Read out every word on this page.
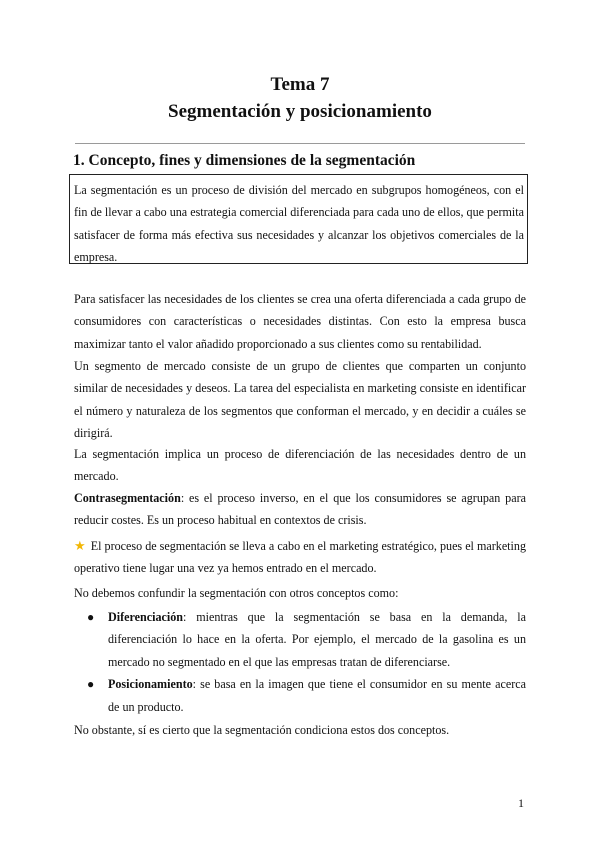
Tema 7
Segmentación y posicionamiento
1. Concepto, fines y dimensiones de la segmentación
La segmentación es un proceso de división del mercado en subgrupos homogéneos, con el fin de llevar a cabo una estrategia comercial diferenciada para cada uno de ellos, que permita satisfacer de forma más efectiva sus necesidades y alcanzar los objetivos comerciales de la empresa.

Para satisfacer las necesidades de los clientes se crea una oferta diferenciada a cada grupo de consumidores con características o necesidades distintas. Con esto la empresa busca maximizar tanto el valor añadido proporcionado a sus clientes como su rentabilidad.

Un segmento de mercado consiste de un grupo de clientes que comparten un conjunto similar de necesidades y deseos. La tarea del especialista en marketing consiste en identificar el número y naturaleza de los segmentos que conforman el mercado, y en decidir a cuáles se dirigirá.

La segmentación implica un proceso de diferenciación de las necesidades dentro de un mercado.

Contrasegmentación: es el proceso inverso, en el que los consumidores se agrupan para reducir costes. Es un proceso habitual en contextos de crisis.

★ El proceso de segmentación se lleva a cabo en el marketing estratégico, pues el marketing operativo tiene lugar una vez ya hemos entrado en el mercado.

No debemos confundir la segmentación con otros conceptos como:

● Diferenciación: mientras que la segmentación se basa en la demanda, la diferenciación lo hace en la oferta. Por ejemplo, el mercado de la gasolina es un mercado no segmentado en el que las empresas tratan de diferenciarse.
● Posicionamiento: se basa en la imagen que tiene el consumidor en su mente acerca de un producto.

No obstante, sí es cierto que la segmentación condiciona estos dos conceptos.

1
